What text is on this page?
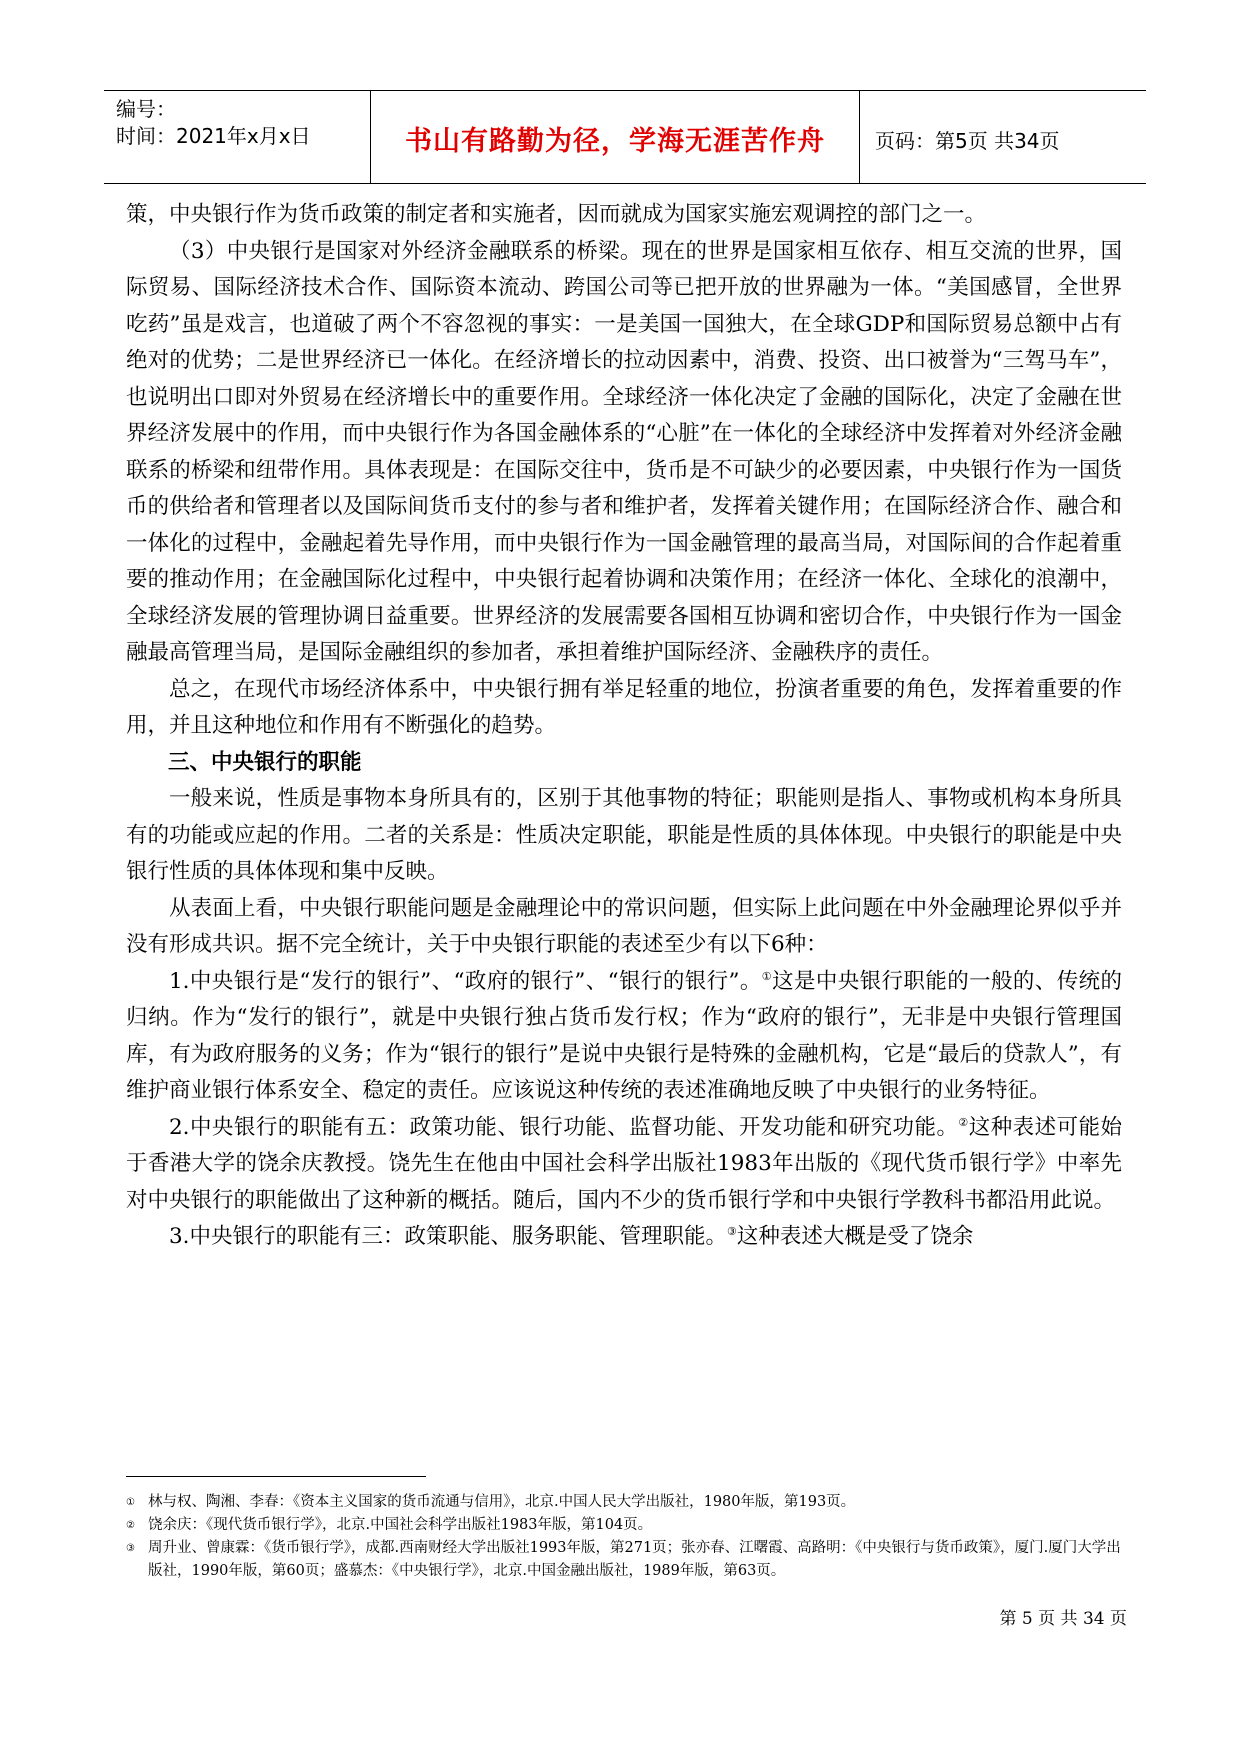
编号：
时间：2021年x月x日	书山有路勤为径，学海无涯苦作舟	页码：第5页 共34页

策，中央银行作为货币政策的制定者和实施者，因而就成为国家实施宏观调控的部门之一。

（3）中央银行是国家对外经济金融联系的桥梁。现在的世界是国家相互依存、相互交流的世界，国际贸易、国际经济技术合作、国际资本流动、跨国公司等已把开放的世界融为一体。“美国感冒，全世界吃药”虽是戏言，也道破了两个不容忽视的事实：一是美国一国独大，在全球GDP和国际贸易总额中占有绝对的优势；二是世界经济已一体化。在经济增长的拉动因素中，消费、投资、出口被誉为“三驾马车”，也说明出口即对外贸易在经济增长中的重要作用。全球经济一体化决定了金融的国际化，决定了金融在世界经济发展中的作用，而中央银行作为各国金融体系的“心脏”在一体化的全球经济中发挥着对外经济金融联系的桥梁和纽带作用。具体表现是：在国际交往中，货币是不可缺少的必要因素，中央银行作为一国货币的供给者和管理者以及国际间货币支付的参与者和维护者，发挥着关键作用；在国际经济合作、融合和一体化的过程中，金融起着先导作用，而中央银行作为一国金融管理的最高当局，对国际间的合作起着重要的推动作用；在金融国际化过程中，中央银行起着协调和决策作用；在经济一体化、全球化的浪潮中，全球经济发展的管理协调日益重要。世界经济的发展需要各国相互协调和密切合作，中央银行作为一国金融最高管理当局，是国际金融组织的参加者，承担着维护国际经济、金融秩序的责任。

总之，在现代市场经济体系中，中央银行拥有举足轻重的地位，扮演者重要的角色，发挥着重要的作用，并且这种地位和作用有不断强化的趋势。

三、中央银行的职能

一般来说，性质是事物本身所具有的，区别于其他事物的特征；职能则是指人、事物或机构本身所具有的功能或应起的作用。二者的关系是：性质决定职能，职能是性质的具体体现。中央银行的职能是中央银行性质的具体体现和集中反映。

从表面上看，中央银行职能问题是金融理论中的常识问题，但实际上此问题在中外金融理论界似乎并没有形成共识。据不完全统计，关于中央银行职能的表述至少有以下6种：

1.中央银行是“发行的银行”、“政府的银行”、“银行的银行”。①这是中央银行职能的一般的、传统的归纳。作为“发行的银行”，就是中央银行独占货币发行权；作为“政府的银行”，无非是中央银行管理国库，有为政府服务的义务；作为“银行的银行”是说中央银行是特殊的金融机构，它是“最后的贷款人”，有维护商业银行体系安全、稳定的责任。应该说这种传统的表述准确地反映了中央银行的业务特征。

2.中央银行的职能有五：政策功能、银行功能、监督功能、开发功能和研究功能。②这种表述可能始于香港大学的饶余庆教授。饶先生在他由中国社会科学出版社1983年出版的《现代货币银行学》中率先对中央银行的职能做出了这种新的概括。随后，国内不少的货币银行学和中央银行学教科书都沿用此说。

3.中央银行的职能有三：政策职能、服务职能、管理职能。③这种表述大概是受了饶余

① 林与权、陶湘、李春：《资本主义国家的货币流通与信用》，北京.中国人民大学出版社，1980年版，第193页。

② 饶余庆：《现代货币银行学》，北京.中国社会科学出版社1983年版，第104页。

③ 周升业、曾康霖：《货币银行学》，成都.西南财经大学出版社1993年版，第271页；张亦春、江曙霞、高路明：《中央银行与货币政策》，厦门.厦门大学出版社，1990年版，第60页；盛慕杰：《中央银行学》，北京.中国金融出版社，1989年版，第63页。

第 5 页 共 34 页
